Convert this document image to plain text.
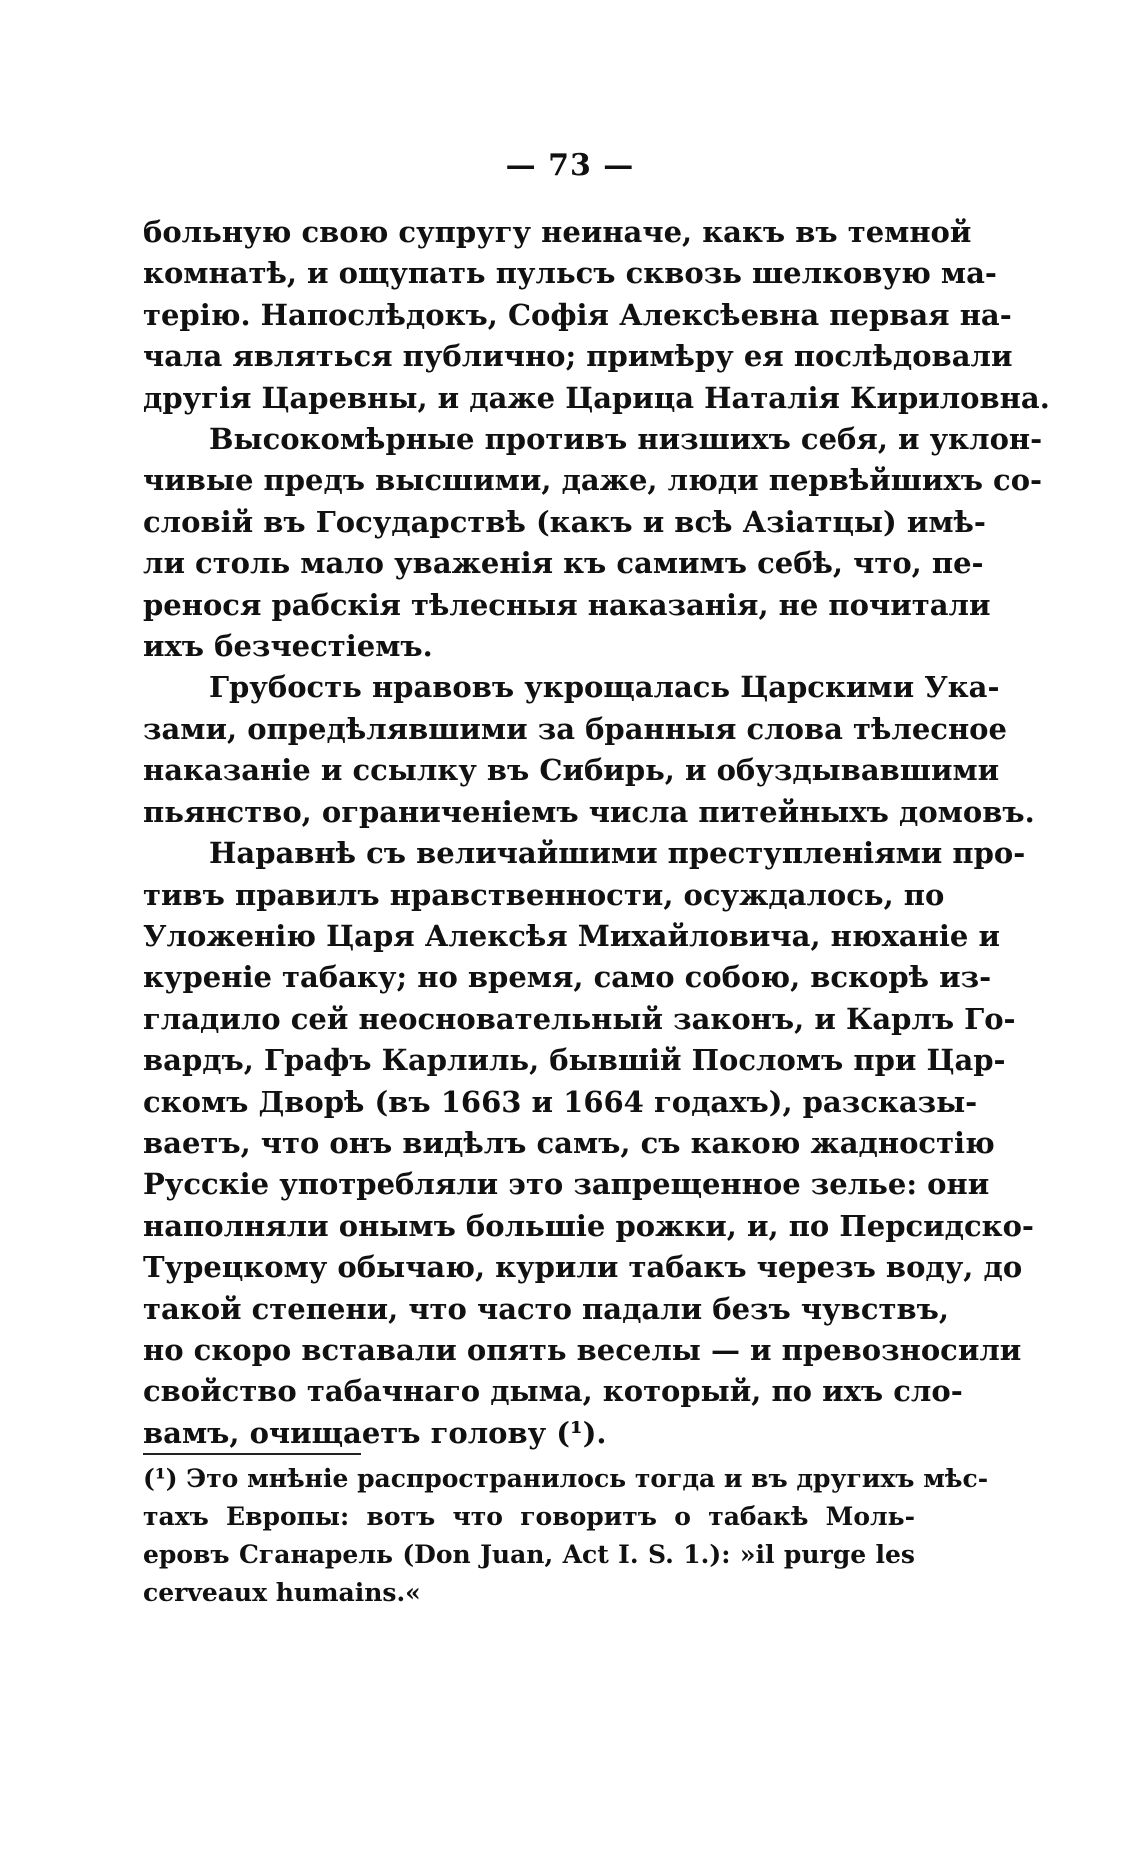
— 73 —

больную свою супругу неиначе, какъ въ темной
комнатѣ, и ощупать пульсъ сквозь шелковую ма-
терію. Напослѣдокъ, Софія Алексѣевна первая на-
чала являться публично; примѣру ея послѣдовали
другія Царевны, и даже Царица Наталія Кириловна.

Высокомѣрные противъ низшихъ себя, и уклон-
чивые предъ высшими, даже, люди первѣйшихъ со-
словій въ Государствѣ (какъ и всѣ Азіатцы) имѣ-
ли столь мало уваженія къ самимъ себѣ, что, пе-
ренося рабскія тѣлесныя наказанія, не почитали
ихъ безчестіемъ.

Грубость нравовъ укрощалась Царскими Ука-
зами, опредѣлявшими за бранныя слова тѣлесное
наказаніе и ссылку въ Сибирь, и обуздывавшими
пьянство, ограниченіемъ числа питейныхъ домовъ.

Наравнѣ съ величайшими преступленіями про-
тивъ правилъ нравственности, осуждалось, по
Уложенію Царя Алексѣя Михайловича, нюханіе и
куреніе табаку; но время, само собою, вскорѣ из-
гладило сей неосновательный законъ, и Карлъ Го-
вардъ, Графъ Карлиль, бывшій Посломъ при Цар-
скомъ Дворѣ (въ 1663 и 1664 годахъ), разсказы-
ваетъ, что онъ видѣлъ самъ, съ какою жадностію
Русскіе употребляли это запрещенное зелье: они
наполняли онымъ большіе рожки, и, по Персидско-
Турецкому обычаю, курили табакъ черезъ воду, до
такой степени, что часто падали безъ чувствъ,
но скоро вставали опять веселы — и превозносили
свойство табачнаго дыма, который, по ихъ сло-
вамъ, очищаетъ голову (¹).

(¹) Это мнѣніе распространилось тогда и въ другихъ мѣс-
тахъ Европы: вотъ что говоритъ о табакѣ Моль-
еровъ Сганарель (Don Juan, Act I. S. 1.): »il purge les
cerveaux humains.«
